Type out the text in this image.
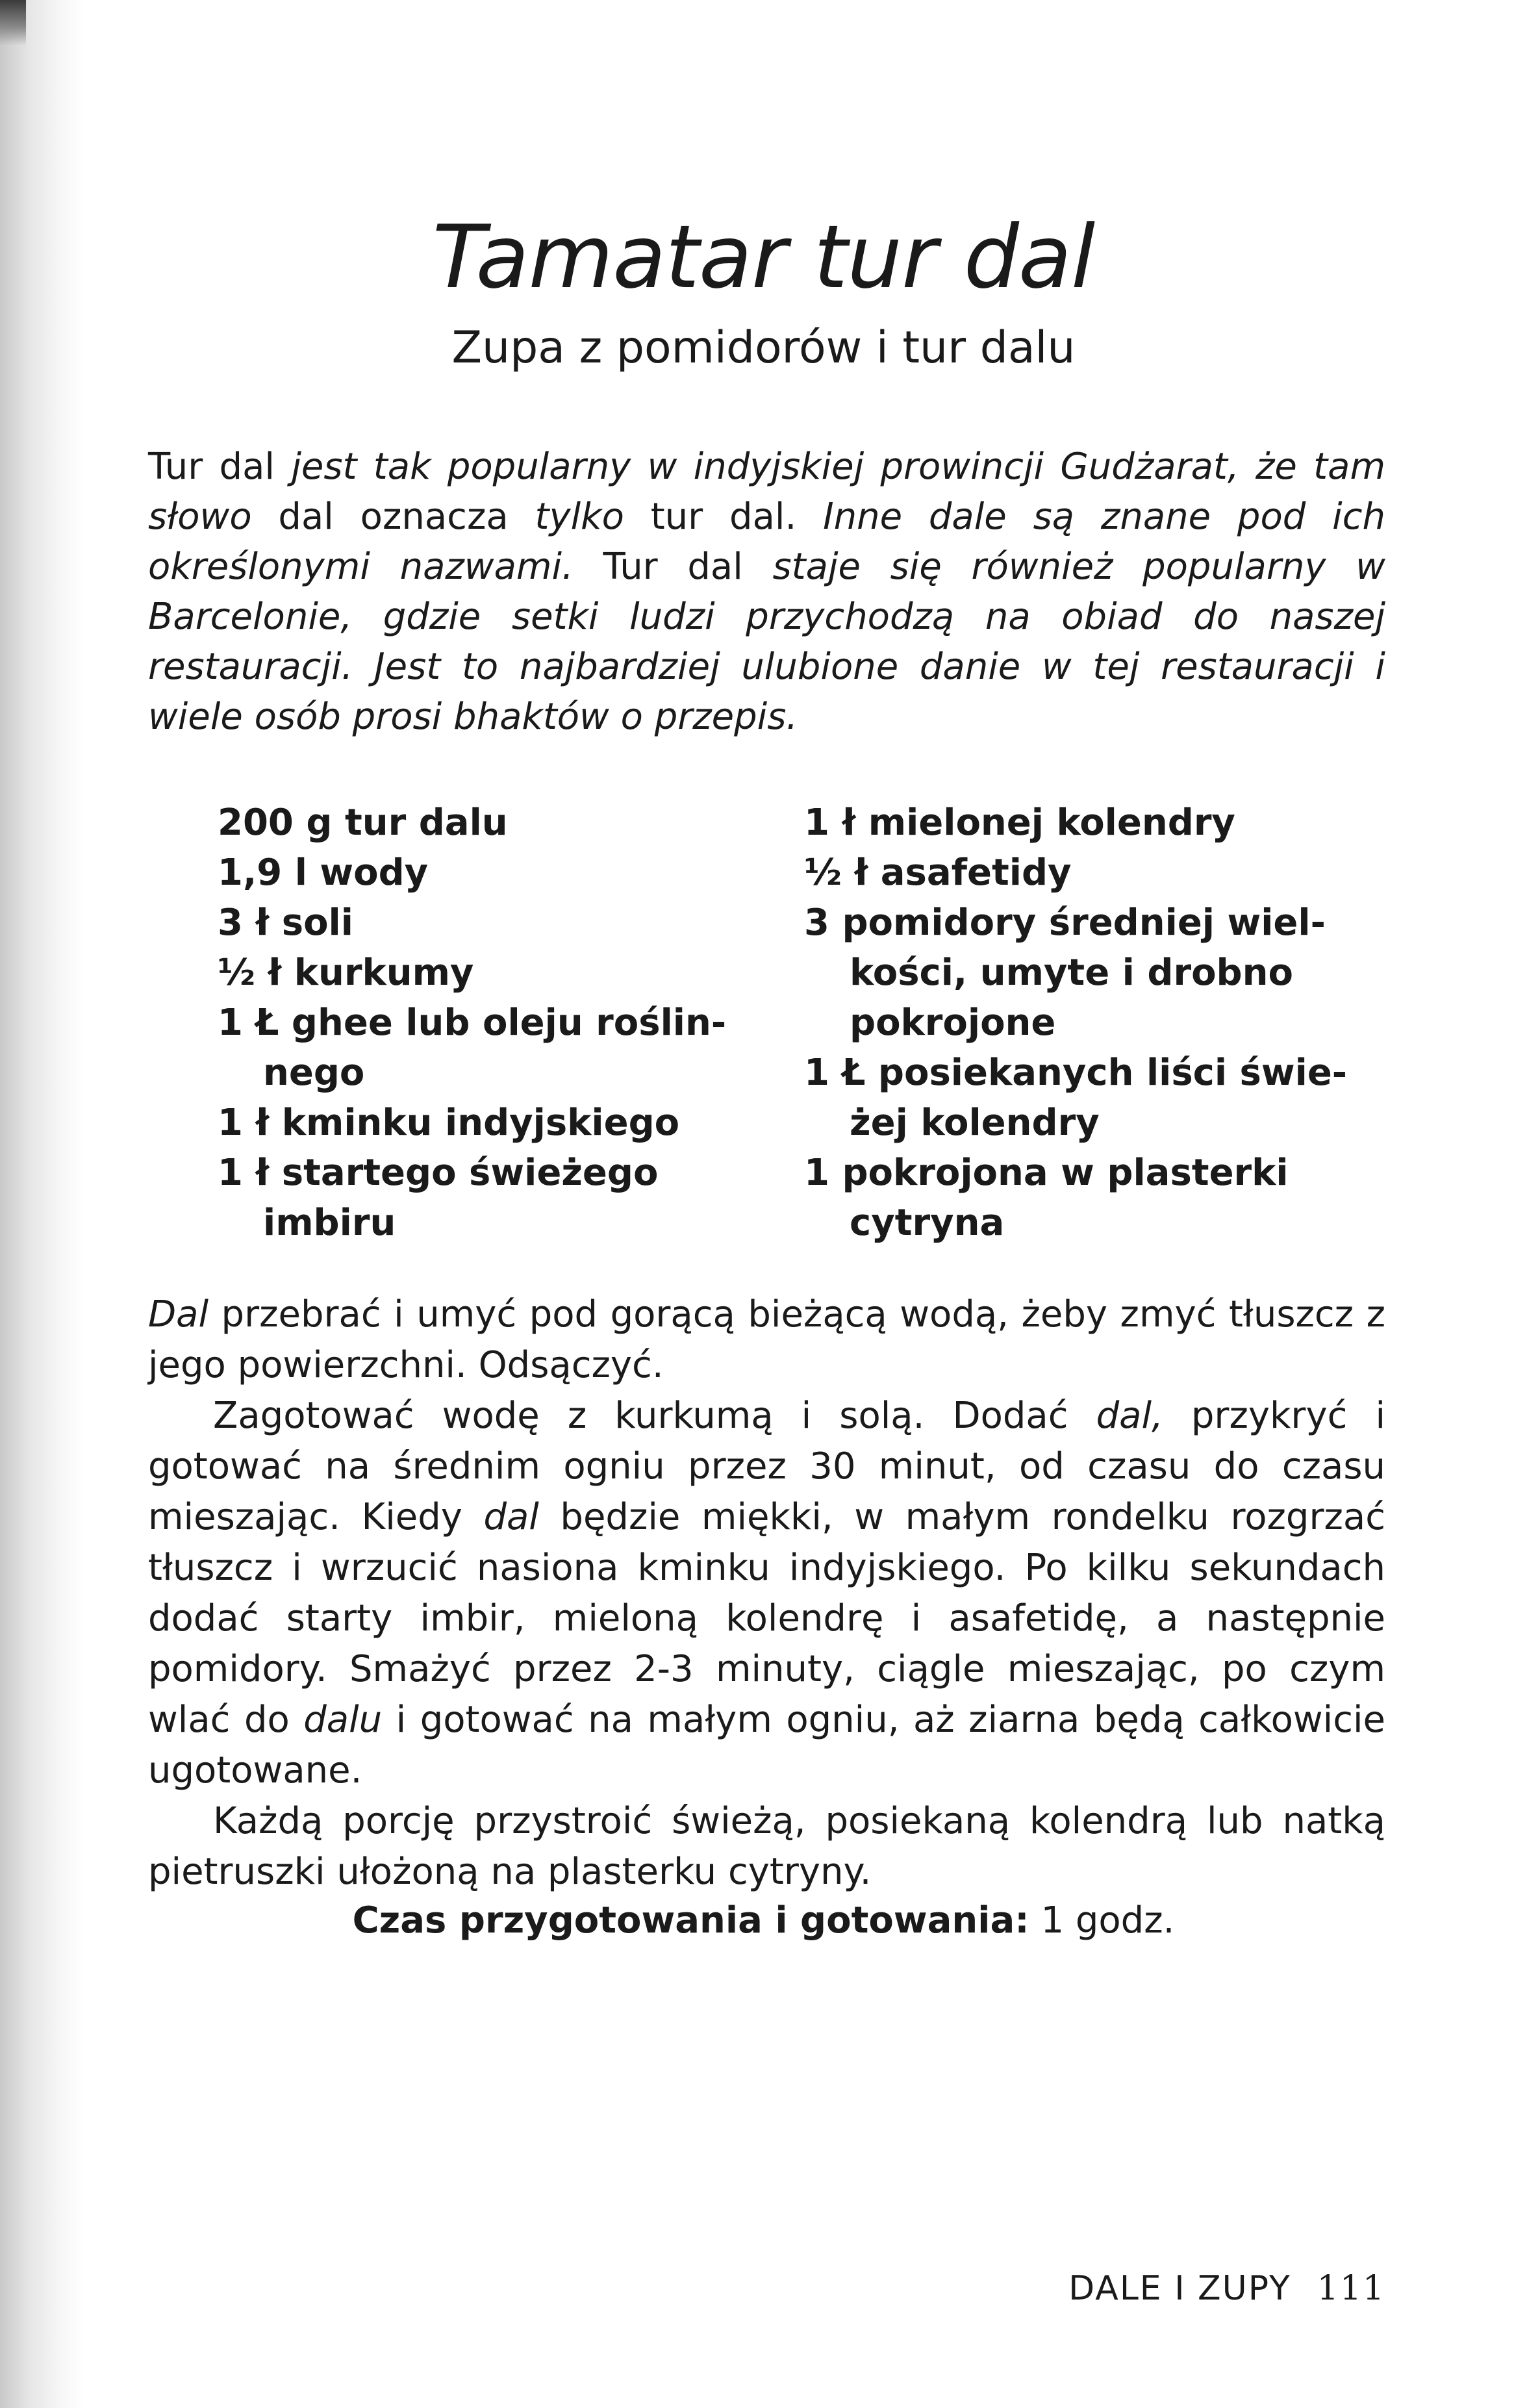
Tamatar tur dal
Zupa z pomidorów i tur dalu
Tur dal jest tak popularny w indyjskiej prowincji Gudżarat, że tam słowo dal oznacza tylko tur dal. Inne dale są znane pod ich określonymi nazwami. Tur dal staje się również popularny w Barcelonie, gdzie setki ludzi przychodzą na obiad do naszej restauracji. Jest to najbardziej ulubione danie w tej restauracji i wiele osób prosi bhaktów o przepis.
200 g tur dalu
1,9 l wody
3 ł soli
½ ł kurkumy
1 Ł ghee lub oleju roślin-
nego
1 ł kminku indyjskiego
1 ł startego świeżego
imbiru
1 ł mielonej kolendry
½ ł asafetidy
3 pomidory średniej wiel-
kości, umyte i drobno
pokrojone
1 Ł posiekanych liści świe-
żej kolendry
1 pokrojona w plasterki
cytryna

Dal przebrać i umyć pod gorącą bieżącą wodą, żeby zmyć tłuszcz z jego powierzchni. Odsączyć.

Zagotować wodę z kurkumą i solą. Dodać dal, przykryć i gotować na średnim ogniu przez 30 minut, od czasu do czasu mieszając. Kiedy dal będzie miękki, w małym rondelku rozgrzać tłuszcz i wrzucić nasiona kminku indyjskiego. Po kilku sekundach dodać starty imbir, mieloną kolendrę i asafetidę, a następnie pomidory. Smażyć przez 2-3 minuty, ciągle mieszając, po czym wlać do dalu i gotować na małym ogniu, aż ziarna będą całkowicie ugotowane.

Każdą porcję przystroić świeżą, posiekaną kolendrą lub natką pietruszki ułożoną na plasterku cytryny.

Czas przygotowania i gotowania: 1 godz.
DALE I ZUPY 111
